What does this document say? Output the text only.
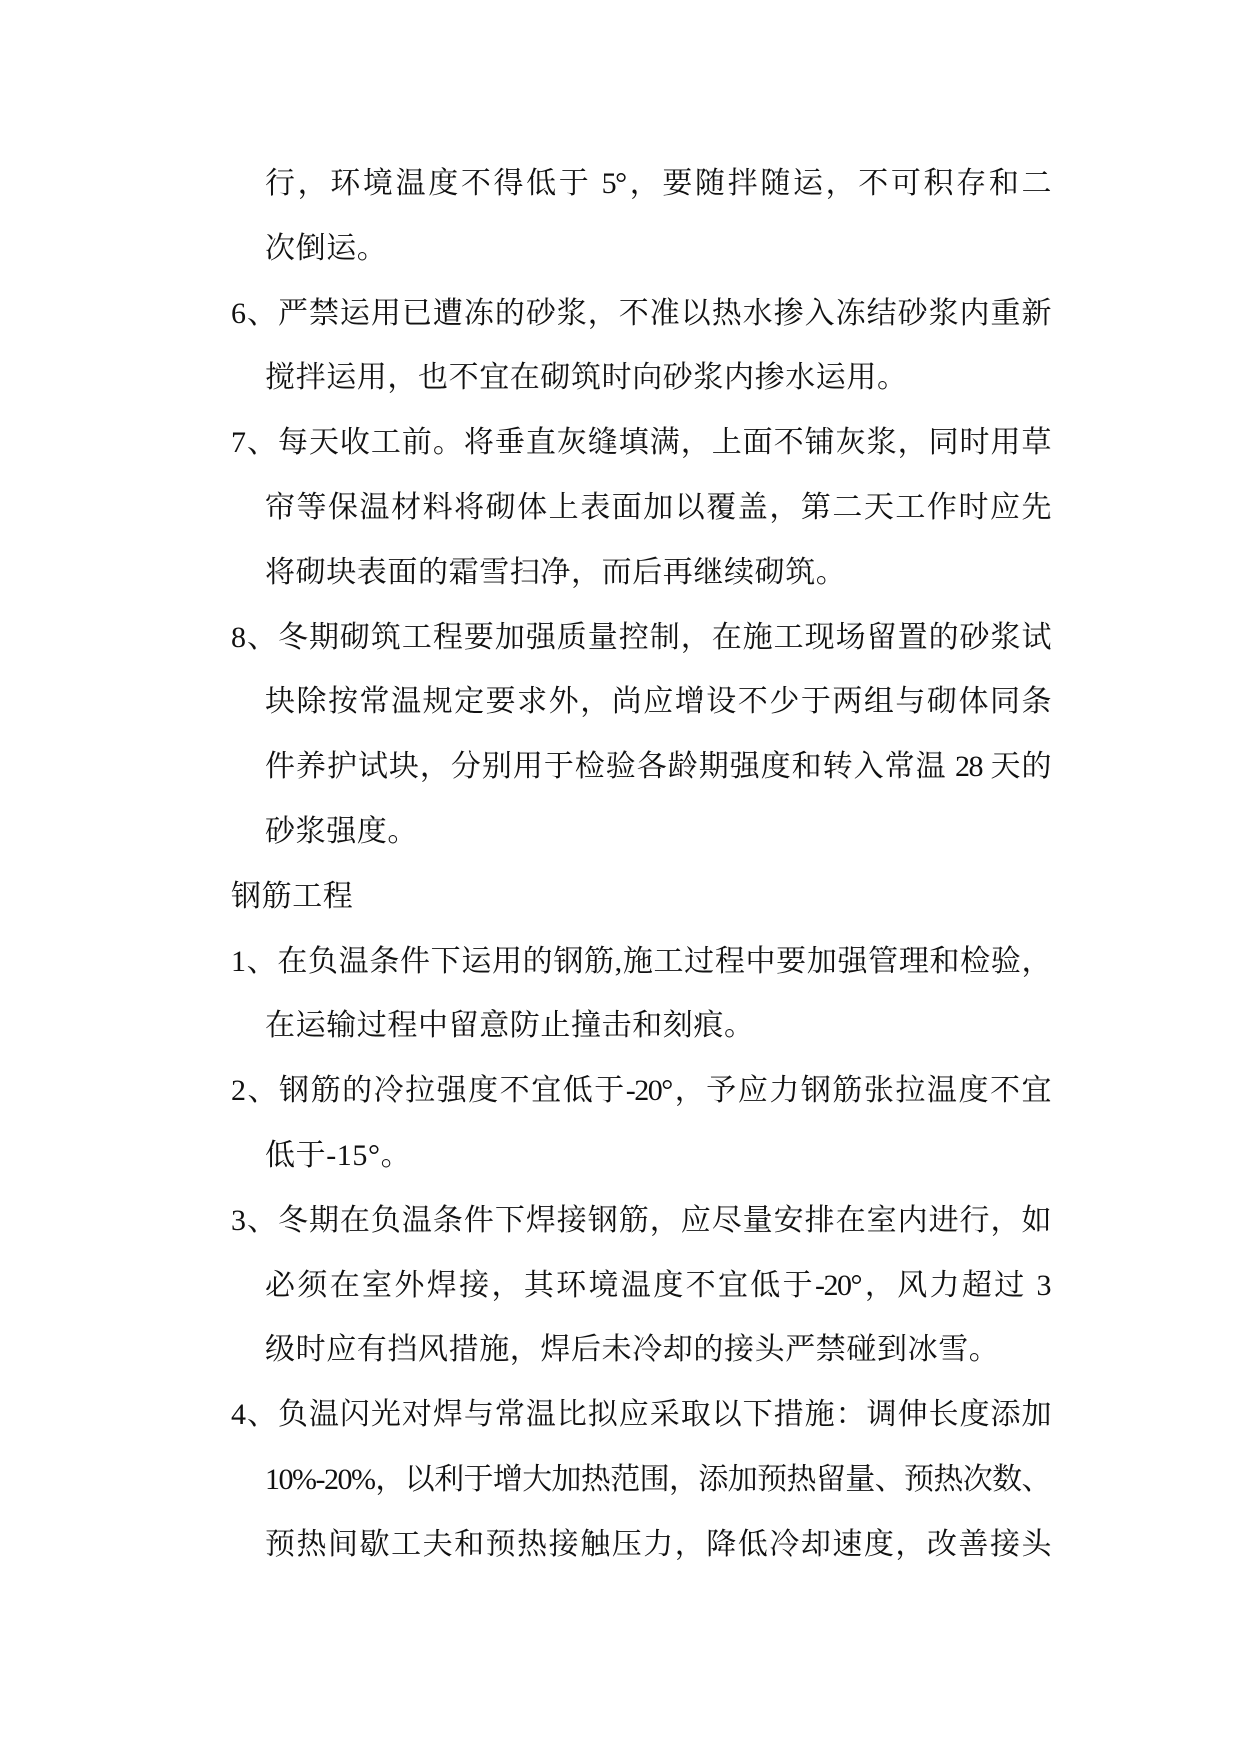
行，环境温度不得低于 5°，要随拌随运，不可积存和二
次倒运。
6、严禁运用已遭冻的砂浆，不准以热水掺入冻结砂浆内重新
搅拌运用，也不宜在砌筑时向砂浆内掺水运用。
7、每天收工前。将垂直灰缝填满，上面不铺灰浆，同时用草
帘等保温材料将砌体上表面加以覆盖，第二天工作时应先
将砌块表面的霜雪扫净，而后再继续砌筑。
8、冬期砌筑工程要加强质量控制，在施工现场留置的砂浆试
块除按常温规定要求外，尚应增设不少于两组与砌体同条
件养护试块，分别用于检验各龄期强度和转入常温 28 天的
砂浆强度。
钢筋工程
1、在负温条件下运用的钢筋,施工过程中要加强管理和检验，
在运输过程中留意防止撞击和刻痕。
2、钢筋的冷拉强度不宜低于-20°，予应力钢筋张拉温度不宜
低于-15°。
3、冬期在负温条件下焊接钢筋，应尽量安排在室内进行，如
必须在室外焊接，其环境温度不宜低于-20°，风力超过 3
级时应有挡风措施，焊后未冷却的接头严禁碰到冰雪。
4、负温闪光对焊与常温比拟应采取以下措施：调伸长度添加
10%-20%，以利于增大加热范围，添加预热留量、预热次数、
预热间歇工夫和预热接触压力，降低冷却速度，改善接头
